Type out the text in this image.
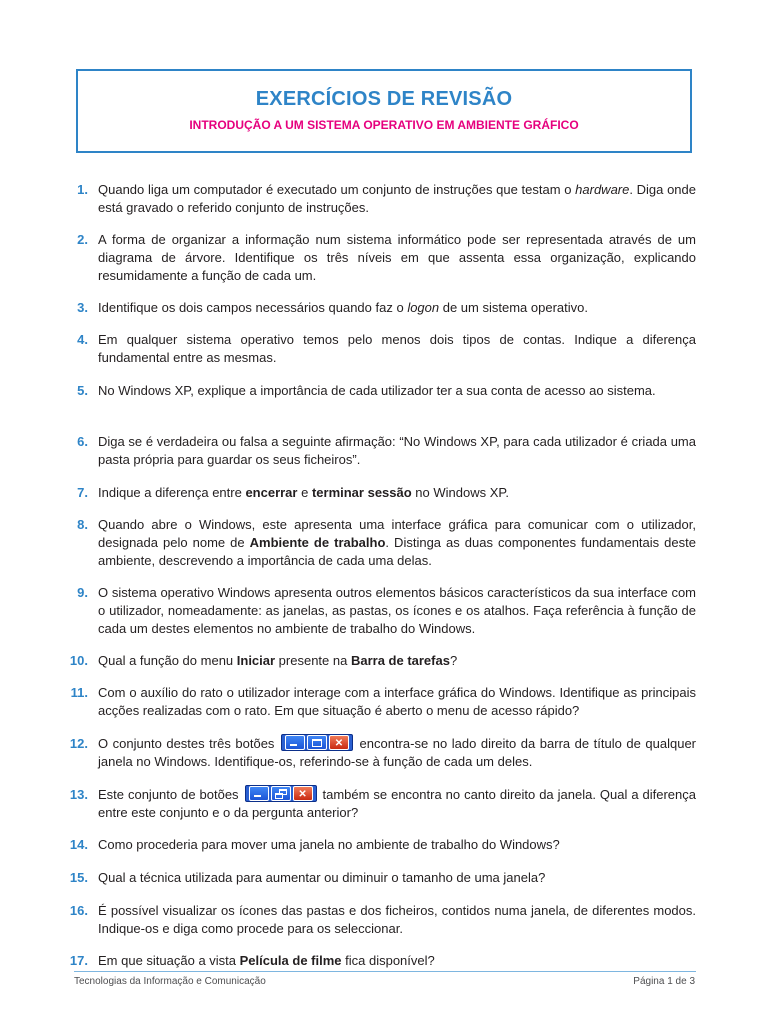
EXERCÍCIOS DE REVISÃO
INTRODUÇÃO A UM SISTEMA OPERATIVO EM AMBIENTE GRÁFICO
1. Quando liga um computador é executado um conjunto de instruções que testam o hardware. Diga onde está gravado o referido conjunto de instruções.
2. A forma de organizar a informação num sistema informático pode ser representada através de um diagrama de árvore. Identifique os três níveis em que assenta essa organização, explicando resumidamente a função de cada um.
3. Identifique os dois campos necessários quando faz o logon de um sistema operativo.
4. Em qualquer sistema operativo temos pelo menos dois tipos de contas. Indique a diferença fundamental entre as mesmas.
5. No Windows XP, explique a importância de cada utilizador ter a sua conta de acesso ao sistema.
6. Diga se é verdadeira ou falsa a seguinte afirmação: “No Windows XP, para cada utilizador é criada uma pasta própria para guardar os seus ficheiros”.
7. Indique a diferença entre encerrar e terminar sessão no Windows XP.
8. Quando abre o Windows, este apresenta uma interface gráfica para comunicar com o utilizador, designada pelo nome de Ambiente de trabalho. Distinga as duas componentes fundamentais deste ambiente, descrevendo a importância de cada uma delas.
9. O sistema operativo Windows apresenta outros elementos básicos característicos da sua interface com o utilizador, nomeadamente: as janelas, as pastas, os ícones e os atalhos. Faça referência à função de cada um destes elementos no ambiente de trabalho do Windows.
10. Qual a função do menu Iniciar presente na Barra de tarefas?
11. Com o auxílio do rato o utilizador interage com a interface gráfica do Windows. Identifique as principais acções realizadas com o rato. Em que situação é aberto o menu de acesso rápido?
12. O conjunto destes três botões	✕ encontra-se no lado direito da barra de título de qualquer janela no Windows. Identifique-os, referindo-se à função de cada um deles.
13. Este conjunto de botões	✕ também se encontra no canto direito da janela. Qual a diferença entre este conjunto e o da pergunta anterior?
14. Como procederia para mover uma janela no ambiente de trabalho do Windows?
15. Qual a técnica utilizada para aumentar ou diminuir o tamanho de uma janela?
16. É possível visualizar os ícones das pastas e dos ficheiros, contidos numa janela, de diferentes modos. Indique-os e diga como procede para os seleccionar.
17. Em que situação a vista Película de filme fica disponível?
Tecnologias da Informação e Comunicação	Página 1 de 3
